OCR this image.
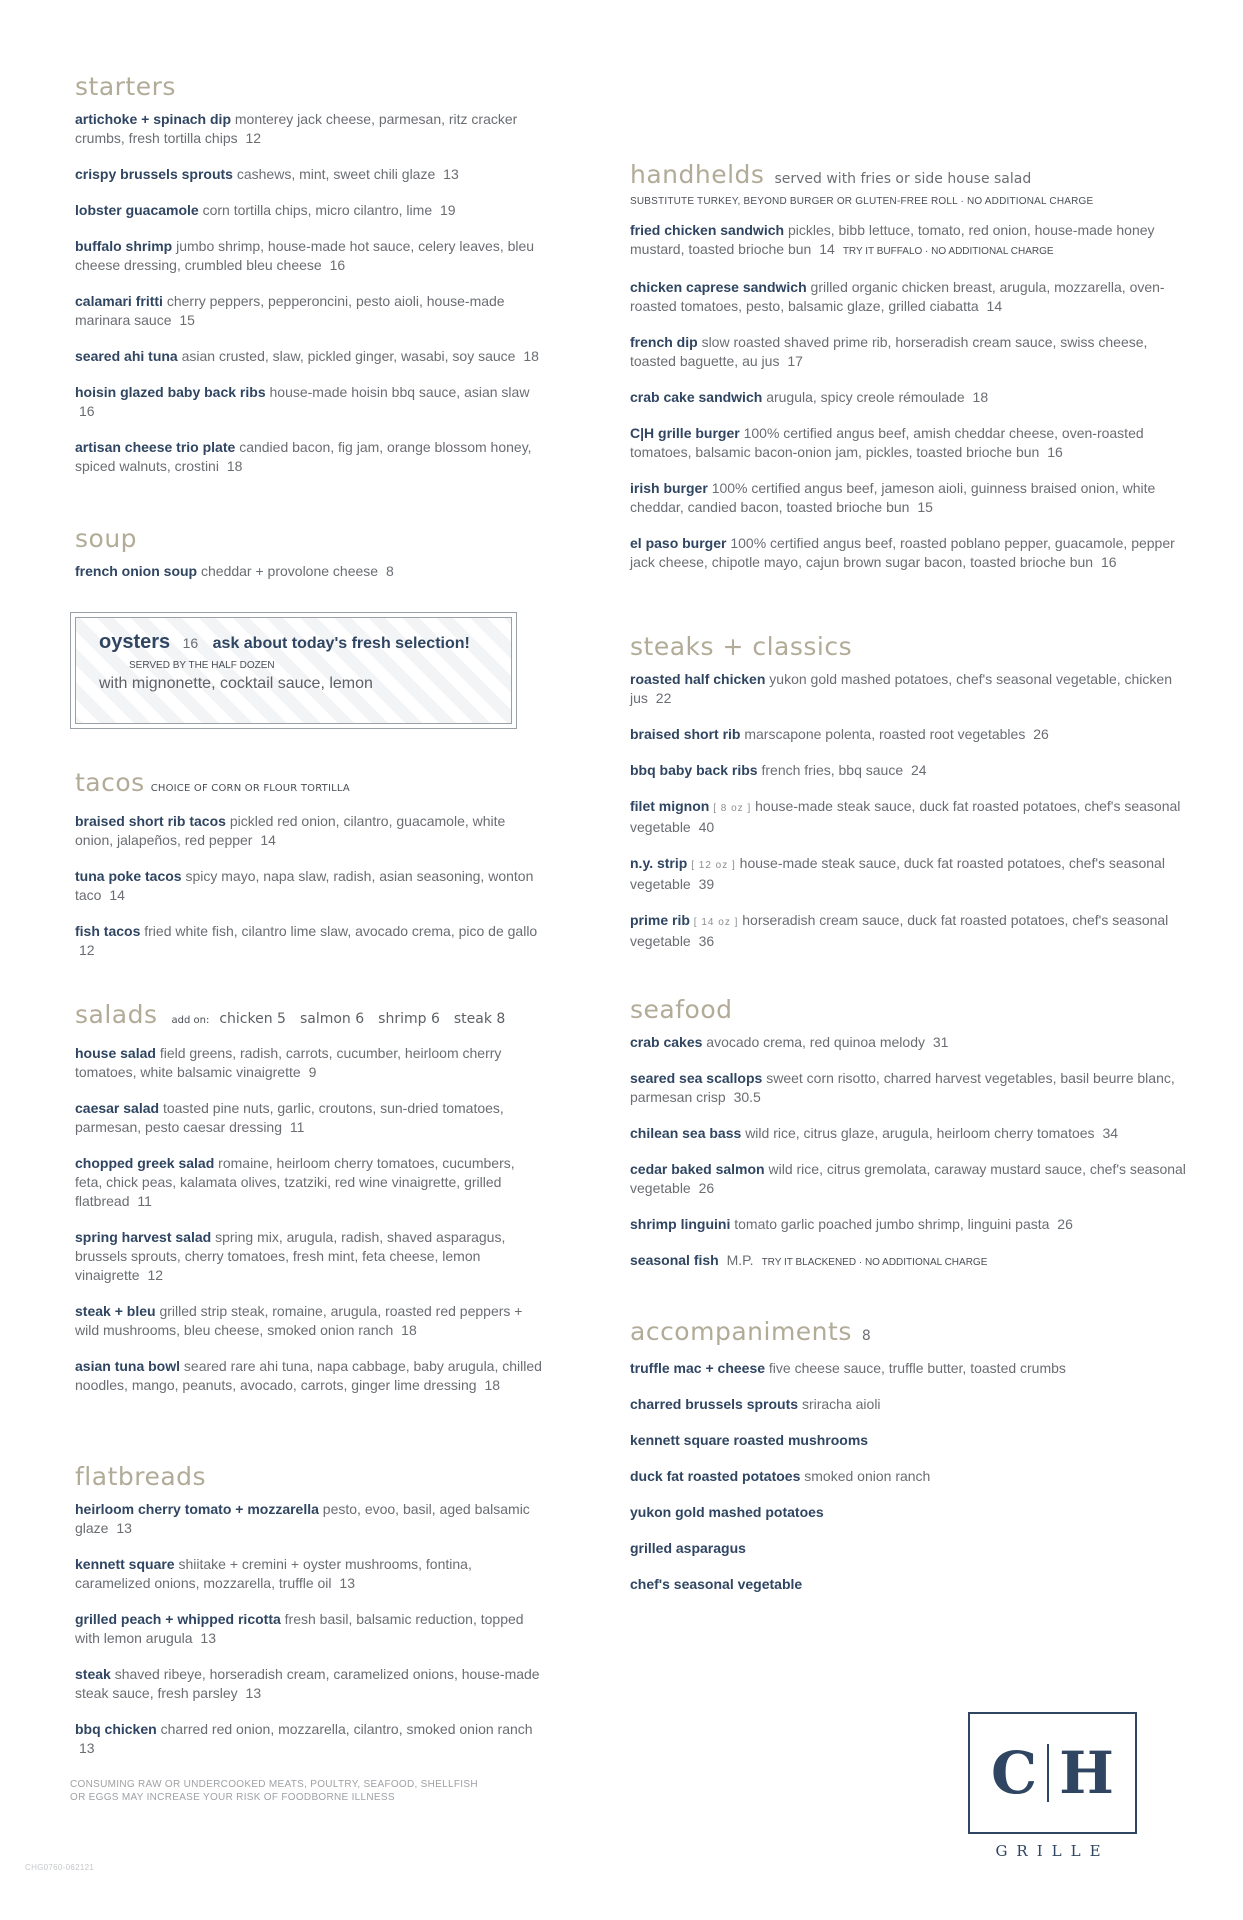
starters
artichoke + spinach dip monterey jack cheese, parmesan, ritz cracker crumbs, fresh tortilla chips 12
crispy brussels sprouts cashews, mint, sweet chili glaze 13
lobster guacamole corn tortilla chips, micro cilantro, lime 19
buffalo shrimp jumbo shrimp, house-made hot sauce, celery leaves, bleu cheese dressing, crumbled bleu cheese 16
calamari fritti cherry peppers, pepperoncini, pesto aioli, house-made marinara sauce 15
seared ahi tuna asian crusted, slaw, pickled ginger, wasabi, soy sauce 18
hoisin glazed baby back ribs house-made hoisin bbq sauce, asian slaw 16
artisan cheese trio plate candied bacon, fig jam, orange blossom honey, spiced walnuts, crostini 18
soup
french onion soup cheddar + provolone cheese 8
oysters 16 ask about today's fresh selection!
SERVED BY THE HALF DOZEN
with mignonette, cocktail sauce, lemon
tacos CHOICE OF CORN OR FLOUR TORTILLA
braised short rib tacos pickled red onion, cilantro, guacamole, white onion, jalapeños, red pepper 14
tuna poke tacos spicy mayo, napa slaw, radish, asian seasoning, wonton taco 14
fish tacos fried white fish, cilantro lime slaw, avocado crema, pico de gallo 12
salads add on: chicken 5 salmon 6 shrimp 6 steak 8
house salad field greens, radish, carrots, cucumber, heirloom cherry tomatoes, white balsamic vinaigrette 9
caesar salad toasted pine nuts, garlic, croutons, sun-dried tomatoes, parmesan, pesto caesar dressing 11
chopped greek salad romaine, heirloom cherry tomatoes, cucumbers, feta, chick peas, kalamata olives, tzatziki, red wine vinaigrette, grilled flatbread 11
spring harvest salad spring mix, arugula, radish, shaved asparagus, brussels sprouts, cherry tomatoes, fresh mint, feta cheese, lemon vinaigrette 12
steak + bleu grilled strip steak, romaine, arugula, roasted red peppers + wild mushrooms, bleu cheese, smoked onion ranch 18
asian tuna bowl seared rare ahi tuna, napa cabbage, baby arugula, chilled noodles, mango, peanuts, avocado, carrots, ginger lime dressing 18
flatbreads
heirloom cherry tomato + mozzarella pesto, evoo, basil, aged balsamic glaze 13
kennett square shiitake + cremini + oyster mushrooms, fontina, caramelized onions, mozzarella, truffle oil 13
grilled peach + whipped ricotta fresh basil, balsamic reduction, topped with lemon arugula 13
steak shaved ribeye, horseradish cream, caramelized onions, house-made steak sauce, fresh parsley 13
bbq chicken charred red onion, mozzarella, cilantro, smoked onion ranch 13
handhelds served with fries or side house salad
SUBSTITUTE TURKEY, BEYOND BURGER OR GLUTEN-FREE ROLL · NO ADDITIONAL CHARGE
fried chicken sandwich pickles, bibb lettuce, tomato, red onion, house-made honey mustard, toasted brioche bun 14 TRY IT BUFFALO · NO ADDITIONAL CHARGE
chicken caprese sandwich grilled organic chicken breast, arugula, mozzarella, oven-roasted tomatoes, pesto, balsamic glaze, grilled ciabatta 14
french dip slow roasted shaved prime rib, horseradish cream sauce, swiss cheese, toasted baguette, au jus 17
crab cake sandwich arugula, spicy creole rémoulade 18
C|H grille burger 100% certified angus beef, amish cheddar cheese, oven-roasted tomatoes, balsamic bacon-onion jam, pickles, toasted brioche bun 16
irish burger 100% certified angus beef, jameson aioli, guinness braised onion, white cheddar, candied bacon, toasted brioche bun 15
el paso burger 100% certified angus beef, roasted poblano pepper, guacamole, pepper jack cheese, chipotle mayo, cajun brown sugar bacon, toasted brioche bun 16
steaks + classics
roasted half chicken yukon gold mashed potatoes, chef's seasonal vegetable, chicken jus 22
braised short rib marscapone polenta, roasted root vegetables 26
bbq baby back ribs french fries, bbq sauce 24
filet mignon [ 8 oz ] house-made steak sauce, duck fat roasted potatoes, chef's seasonal vegetable 40
n.y. strip [ 12 oz ] house-made steak sauce, duck fat roasted potatoes, chef's seasonal vegetable 39
prime rib [ 14 oz ] horseradish cream sauce, duck fat roasted potatoes, chef's seasonal vegetable 36
seafood
crab cakes avocado crema, red quinoa melody 31
seared sea scallops sweet corn risotto, charred harvest vegetables, basil beurre blanc, parmesan crisp 30.5
chilean sea bass wild rice, citrus glaze, arugula, heirloom cherry tomatoes 34
cedar baked salmon wild rice, citrus gremolata, caraway mustard sauce, chef's seasonal vegetable 26
shrimp linguini tomato garlic poached jumbo shrimp, linguini pasta 26
seasonal fish M.P. TRY IT BLACKENED · NO ADDITIONAL CHARGE
accompaniments 8
truffle mac + cheese five cheese sauce, truffle butter, toasted crumbs
charred brussels sprouts sriracha aioli
kennett square roasted mushrooms
duck fat roasted potatoes smoked onion ranch
yukon gold mashed potatoes
grilled asparagus
chef's seasonal vegetable
CONSUMING RAW OR UNDERCOOKED MEATS, POULTRY, SEAFOOD, SHELLFISH OR EGGS MAY INCREASE YOUR RISK OF FOODBORNE ILLNESS
CHG0760-062121
C H
GRILLE
